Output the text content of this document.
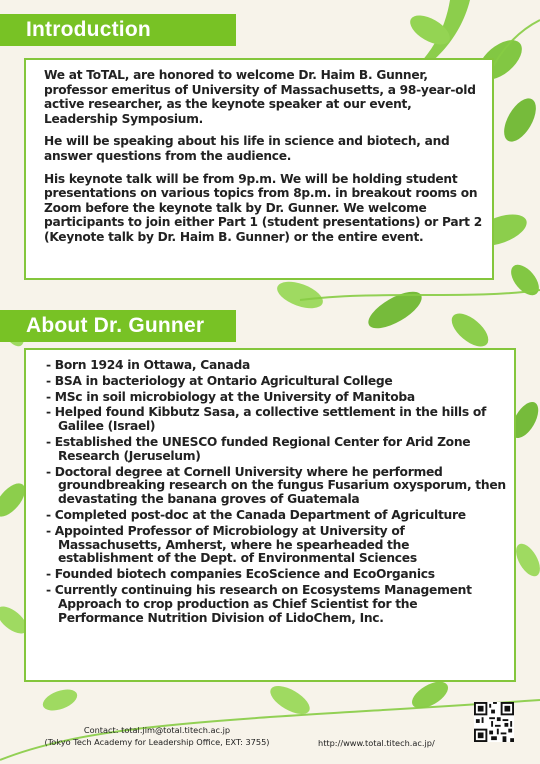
Introduction

We at ToTAL, are honored to welcome Dr. Haim B. Gunner, professor emeritus of University of Massachusetts, a 98-year-old active researcher, as the keynote speaker at our event, Leadership Symposium.

He will be speaking about his life in science and biotech, and answer questions from the audience.

His keynote talk will be from 9p.m. We will be holding student presentations on various topics from 8p.m. in breakout rooms on Zoom before the keynote talk by Dr. Gunner. We welcome participants to join either Part 1 (student presentations) or Part 2 (Keynote talk by Dr. Haim B. Gunner) or the entire event.

About Dr. Gunner
- Born 1924 in Ottawa, Canada
- BSA in bacteriology at Ontario Agricultural College
- MSc in soil microbiology at the University of Manitoba
- Helped found Kibbutz Sasa, a collective settlement in the hills of Galilee (Israel)
- Established the UNESCO funded Regional Center for Arid Zone Research (Jeruselum)
- Doctoral degree at Cornell University where he performed groundbreaking research on the fungus Fusarium oxysporum, then devastating the banana groves of Guatemala
- Completed post-doc at the Canada Department of Agriculture
- Appointed Professor of Microbiology at University of Massachusetts, Amherst, where he spearheaded the establishment of the Dept. of Environmental Sciences
- Founded biotech companies EcoScience and EcoOrganics
- Currently continuing his research on Ecosystems Management Approach to crop production as Chief Scientist for the Performance Nutrition Division of LidoChem, Inc.
Contact: total.jim@total.titech.ac.jp
(Tokyo Tech Academy for Leadership Office, EXT: 3755)	http://www.total.titech.ac.jp/
